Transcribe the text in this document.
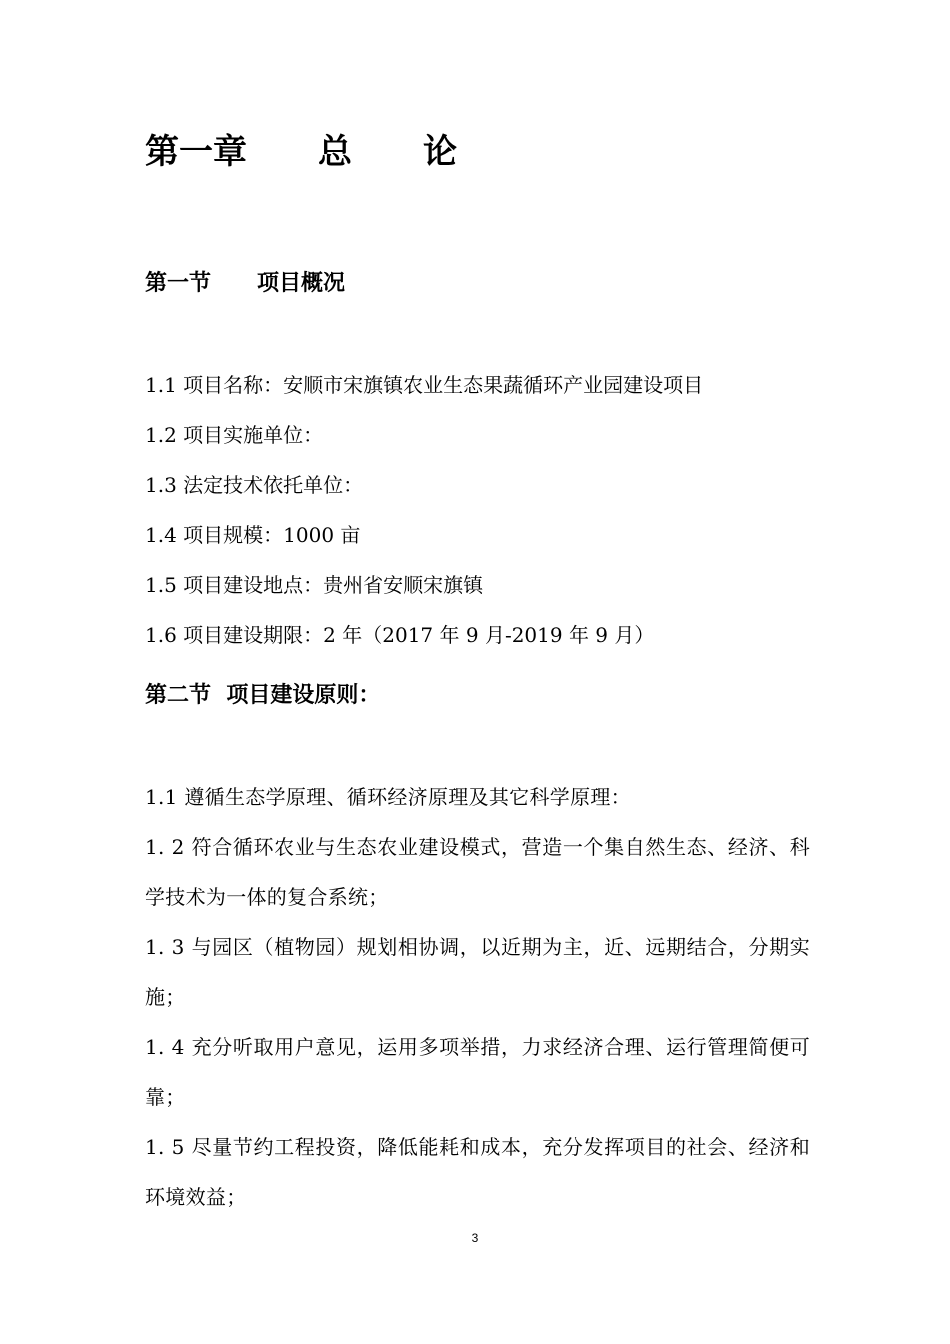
第一章      总      论
第一节      项目概况
1.1 项目名称：安顺市宋旗镇农业生态果蔬循环产业园建设项目
1.2 项目实施单位：
1.3 法定技术依托单位：
1.4 项目规模：1000 亩
1.5 项目建设地点：贵州省安顺宋旗镇
1.6 项目建设期限：2 年（2017 年 9 月-2019 年 9 月）
第二节  项目建设原则：
1.1 遵循生态学原理、循环经济原理及其它科学原理：
1. 2 符合循环农业与生态农业建设模式，营造一个集自然生态、经济、科学技术为一体的复合系统；
1. 3 与园区（植物园）规划相协调，以近期为主，近、远期结合，分期实施；
1. 4 充分听取用户意见，运用多项举措，力求经济合理、运行管理简便可靠；
1. 5 尽量节约工程投资，降低能耗和成本，充分发挥项目的社会、经济和环境效益；
3
